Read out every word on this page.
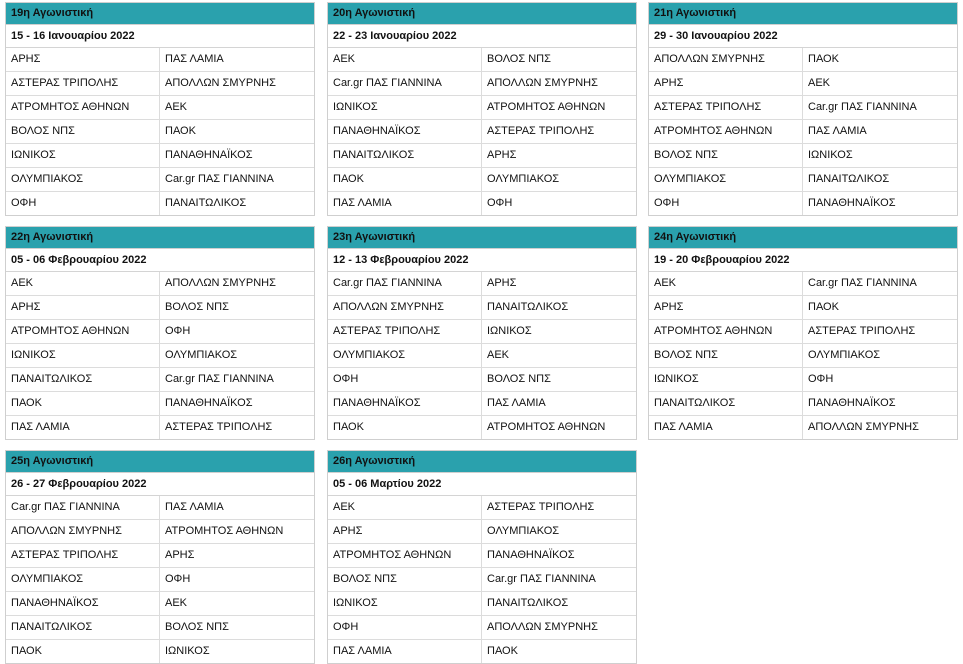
19η Αγωνιστική
15 - 16 Ιανουαρίου 2022
ΑΡΗΣ	ΠΑΣ ΛΑΜΙΑ
ΑΣΤΕΡΑΣ ΤΡΙΠΟΛΗΣ	ΑΠΟΛΛΩΝ ΣΜΥΡΝΗΣ
ΑΤΡΟΜΗΤΟΣ ΑΘΗΝΩΝ	ΑΕΚ
ΒΟΛΟΣ ΝΠΣ	ΠΑΟΚ
ΙΩΝΙΚΟΣ	ΠΑΝΑΘΗΝΑΪΚΟΣ
ΟΛΥΜΠΙΑΚΟΣ	Car.gr ΠΑΣ ΓΙΑΝΝΙΝΑ
ΟΦΗ	ΠΑΝΑΙΤΩΛΙΚΟΣ
20η Αγωνιστική
22 - 23 Ιανουαρίου 2022
ΑΕΚ	ΒΟΛΟΣ ΝΠΣ
Car.gr ΠΑΣ ΓΙΑΝΝΙΝΑ	ΑΠΟΛΛΩΝ ΣΜΥΡΝΗΣ
ΙΩΝΙΚΟΣ	ΑΤΡΟΜΗΤΟΣ ΑΘΗΝΩΝ
ΠΑΝΑΘΗΝΑΪΚΟΣ	ΑΣΤΕΡΑΣ ΤΡΙΠΟΛΗΣ
ΠΑΝΑΙΤΩΛΙΚΟΣ	ΑΡΗΣ
ΠΑΟΚ	ΟΛΥΜΠΙΑΚΟΣ
ΠΑΣ ΛΑΜΙΑ	ΟΦΗ
21η Αγωνιστική
29 - 30 Ιανουαρίου 2022
ΑΠΟΛΛΩΝ ΣΜΥΡΝΗΣ	ΠΑΟΚ
ΑΡΗΣ	ΑΕΚ
ΑΣΤΕΡΑΣ ΤΡΙΠΟΛΗΣ	Car.gr ΠΑΣ ΓΙΑΝΝΙΝΑ
ΑΤΡΟΜΗΤΟΣ ΑΘΗΝΩΝ	ΠΑΣ ΛΑΜΙΑ
ΒΟΛΟΣ ΝΠΣ	ΙΩΝΙΚΟΣ
ΟΛΥΜΠΙΑΚΟΣ	ΠΑΝΑΙΤΩΛΙΚΟΣ
ΟΦΗ	ΠΑΝΑΘΗΝΑΪΚΟΣ
22η Αγωνιστική
05 - 06 Φεβρουαρίου 2022
ΑΕΚ	ΑΠΟΛΛΩΝ ΣΜΥΡΝΗΣ
ΑΡΗΣ	ΒΟΛΟΣ ΝΠΣ
ΑΤΡΟΜΗΤΟΣ ΑΘΗΝΩΝ	ΟΦΗ
ΙΩΝΙΚΟΣ	ΟΛΥΜΠΙΑΚΟΣ
ΠΑΝΑΙΤΩΛΙΚΟΣ	Car.gr ΠΑΣ ΓΙΑΝΝΙΝΑ
ΠΑΟΚ	ΠΑΝΑΘΗΝΑΪΚΟΣ
ΠΑΣ ΛΑΜΙΑ	ΑΣΤΕΡΑΣ ΤΡΙΠΟΛΗΣ
23η Αγωνιστική
12 - 13 Φεβρουαρίου 2022
Car.gr ΠΑΣ ΓΙΑΝΝΙΝΑ	ΑΡΗΣ
ΑΠΟΛΛΩΝ ΣΜΥΡΝΗΣ	ΠΑΝΑΙΤΩΛΙΚΟΣ
ΑΣΤΕΡΑΣ ΤΡΙΠΟΛΗΣ	ΙΩΝΙΚΟΣ
ΟΛΥΜΠΙΑΚΟΣ	ΑΕΚ
ΟΦΗ	ΒΟΛΟΣ ΝΠΣ
ΠΑΝΑΘΗΝΑΪΚΟΣ	ΠΑΣ ΛΑΜΙΑ
ΠΑΟΚ	ΑΤΡΟΜΗΤΟΣ ΑΘΗΝΩΝ
24η Αγωνιστική
19 - 20 Φεβρουαρίου 2022
ΑΕΚ	Car.gr ΠΑΣ ΓΙΑΝΝΙΝΑ
ΑΡΗΣ	ΠΑΟΚ
ΑΤΡΟΜΗΤΟΣ ΑΘΗΝΩΝ	ΑΣΤΕΡΑΣ ΤΡΙΠΟΛΗΣ
ΒΟΛΟΣ ΝΠΣ	ΟΛΥΜΠΙΑΚΟΣ
ΙΩΝΙΚΟΣ	ΟΦΗ
ΠΑΝΑΙΤΩΛΙΚΟΣ	ΠΑΝΑΘΗΝΑΪΚΟΣ
ΠΑΣ ΛΑΜΙΑ	ΑΠΟΛΛΩΝ ΣΜΥΡΝΗΣ
25η Αγωνιστική
26 - 27 Φεβρουαρίου 2022
Car.gr ΠΑΣ ΓΙΑΝΝΙΝΑ	ΠΑΣ ΛΑΜΙΑ
ΑΠΟΛΛΩΝ ΣΜΥΡΝΗΣ	ΑΤΡΟΜΗΤΟΣ ΑΘΗΝΩΝ
ΑΣΤΕΡΑΣ ΤΡΙΠΟΛΗΣ	ΑΡΗΣ
ΟΛΥΜΠΙΑΚΟΣ	ΟΦΗ
ΠΑΝΑΘΗΝΑΪΚΟΣ	ΑΕΚ
ΠΑΝΑΙΤΩΛΙΚΟΣ	ΒΟΛΟΣ ΝΠΣ
ΠΑΟΚ	ΙΩΝΙΚΟΣ
26η Αγωνιστική
05 - 06 Μαρτίου 2022
ΑΕΚ	ΑΣΤΕΡΑΣ ΤΡΙΠΟΛΗΣ
ΑΡΗΣ	ΟΛΥΜΠΙΑΚΟΣ
ΑΤΡΟΜΗΤΟΣ ΑΘΗΝΩΝ	ΠΑΝΑΘΗΝΑΪΚΟΣ
ΒΟΛΟΣ ΝΠΣ	Car.gr ΠΑΣ ΓΙΑΝΝΙΝΑ
ΙΩΝΙΚΟΣ	ΠΑΝΑΙΤΩΛΙΚΟΣ
ΟΦΗ	ΑΠΟΛΛΩΝ ΣΜΥΡΝΗΣ
ΠΑΣ ΛΑΜΙΑ	ΠΑΟΚ
